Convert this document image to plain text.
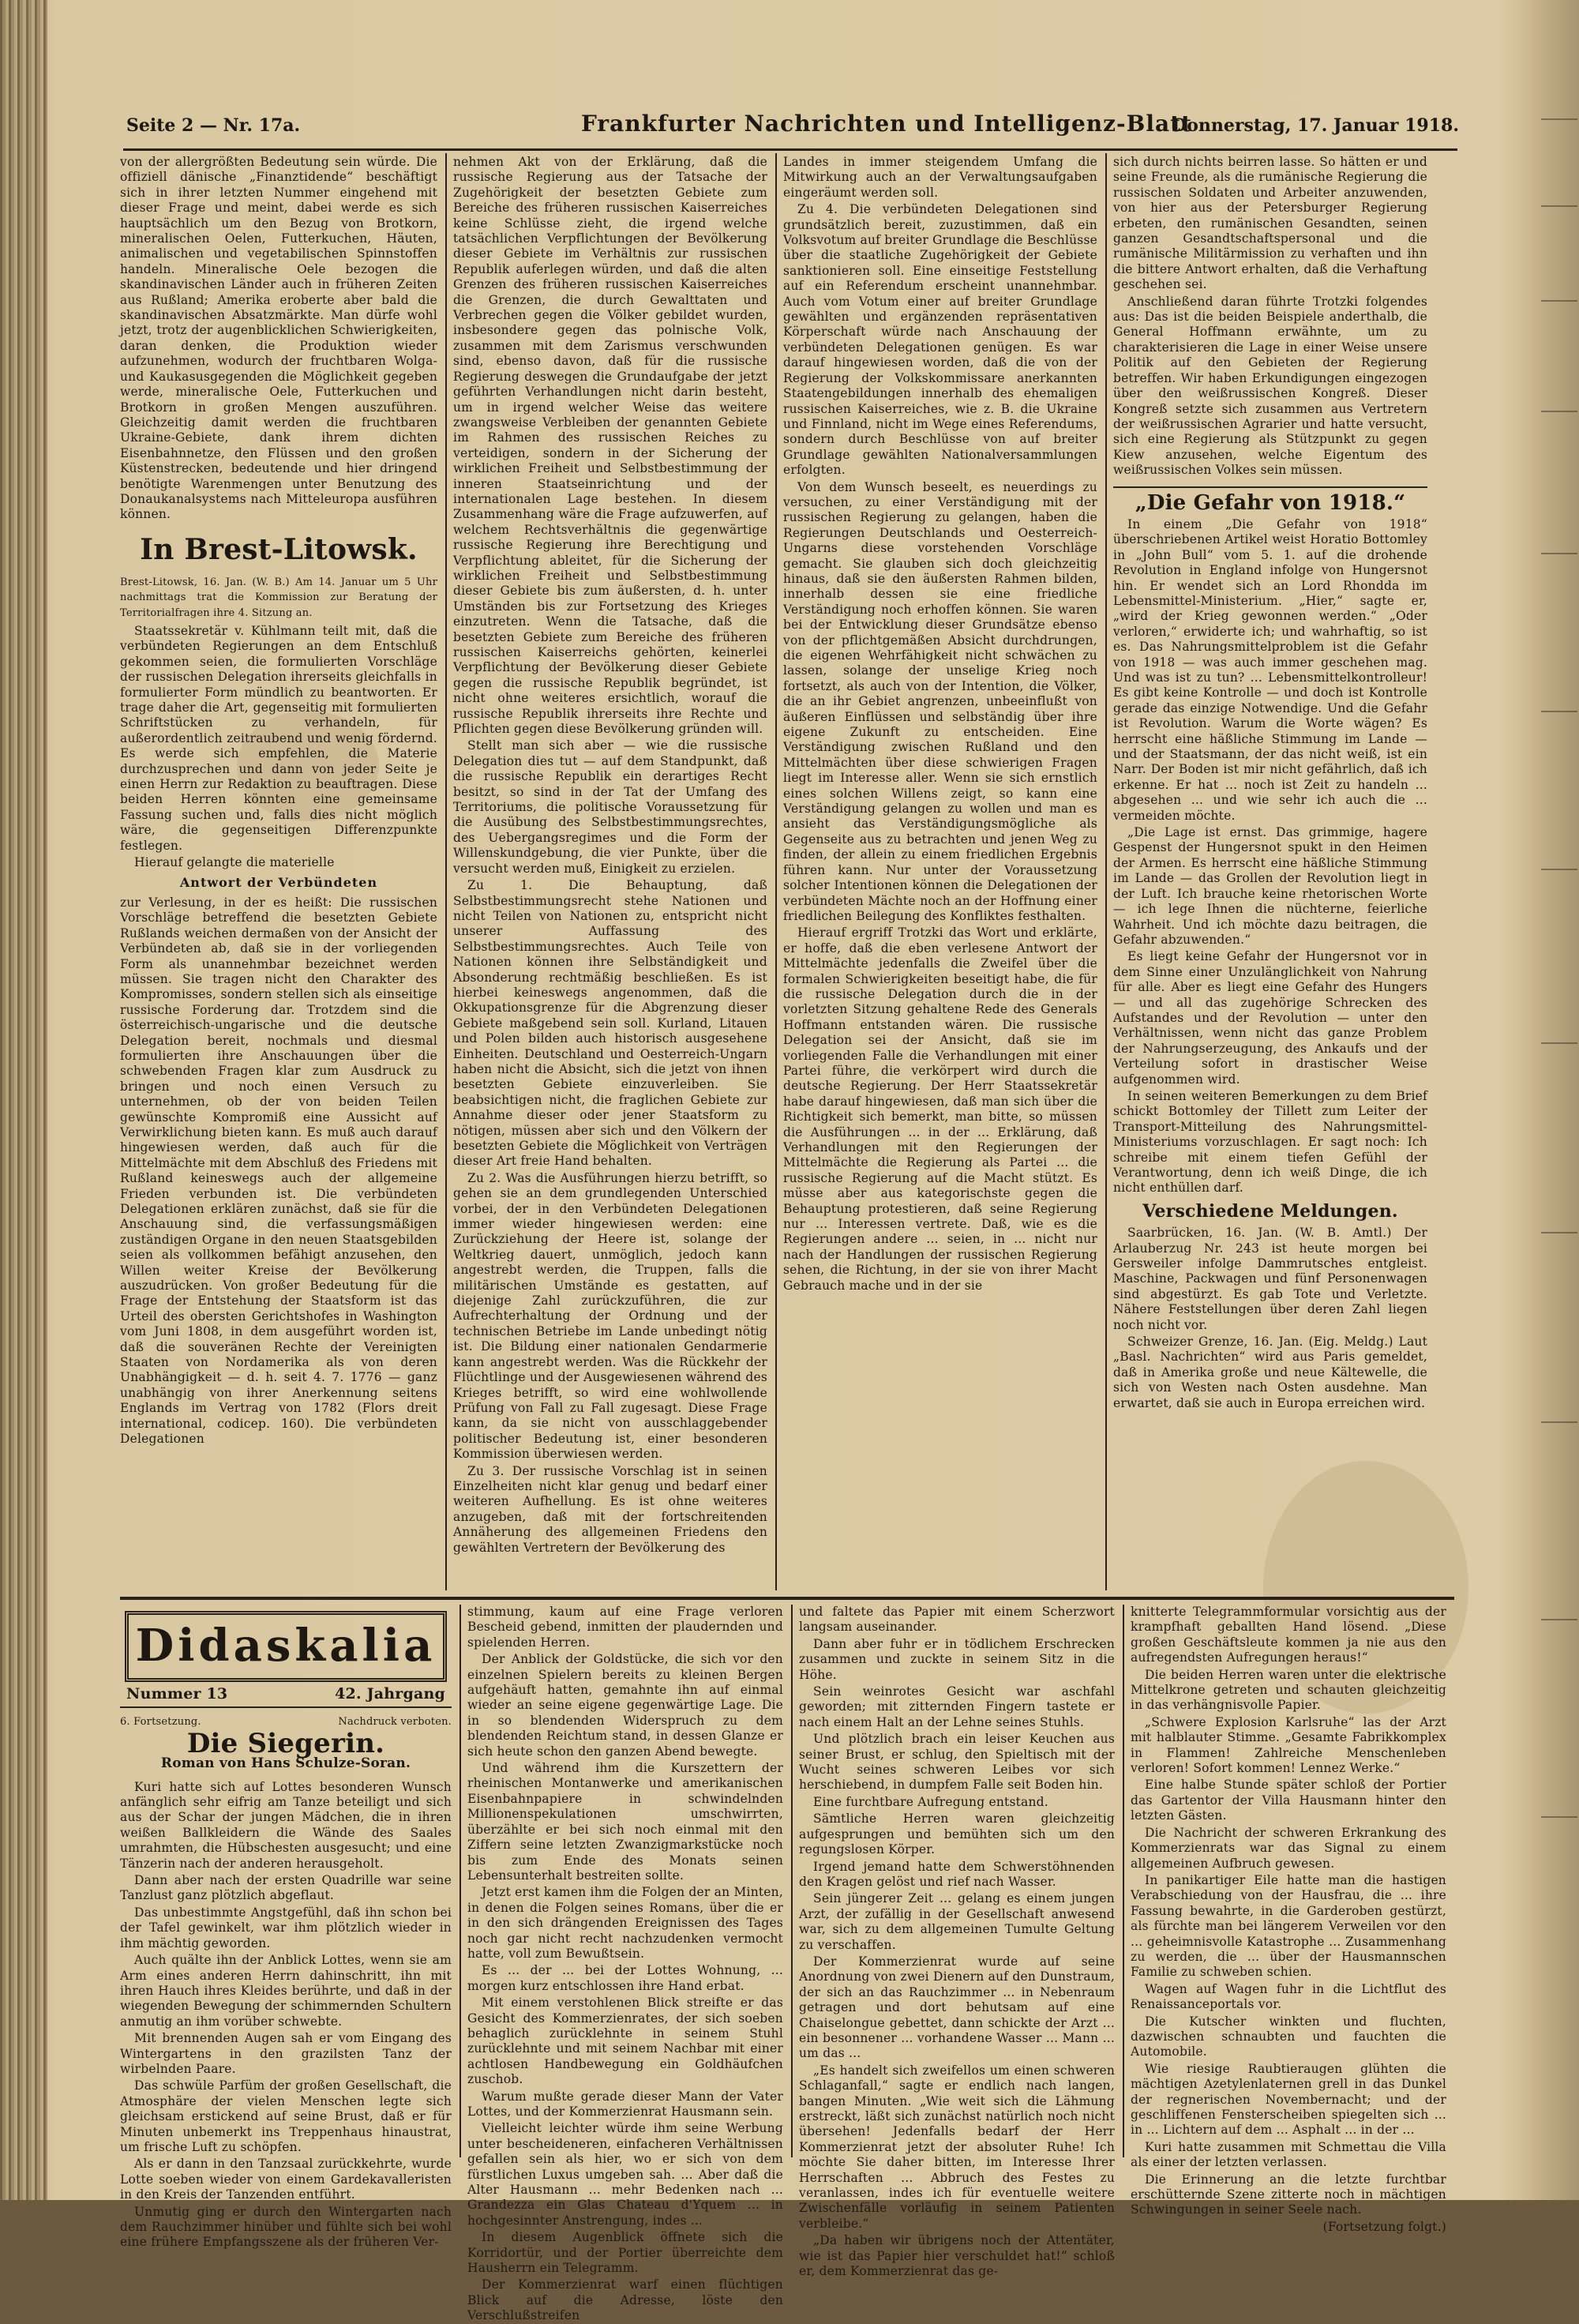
Seite 2 — Nr. 17a.	Frankfurter Nachrichten und Intelligenz-Blatt
Donnerstag, 17. Januar 1918.

von der allergrößten Bedeutung sein würde. Die offiziell dänische „Finanztidende“ beschäftigt sich in ihrer letzten Nummer eingehend mit dieser Frage und meint, dabei werde es sich hauptsächlich um den Bezug von Brotkorn, mineralischen Oelen, Futterkuchen, Häuten, animalischen und vegetabilischen Spinnstoffen handeln. Mineralische Oele bezogen die skandinavischen Länder auch in früheren Zeiten aus Rußland; Amerika eroberte aber bald die skandinavischen Absatzmärkte. Man dürfe wohl jetzt, trotz der augenblicklichen Schwierigkeiten, daran denken, die Produktion wieder aufzunehmen, wodurch der fruchtbaren Wolga- und Kaukasusgegenden die Möglichkeit gegeben werde, mineralische Oele, Futterkuchen und Brotkorn in großen Mengen auszuführen. Gleichzeitig damit werden die fruchtbaren Ukraine-Gebiete, dank ihrem dichten Eisenbahnnetze, den Flüssen und den großen Küstenstrecken, bedeutende und hier dringend benötigte Warenmengen unter Benutzung des Donaukanalsystems nach Mitteleuropa ausführen können.

In Brest-Litowsk.

Brest-Litowsk, 16. Jan. (W. B.) Am 14. Januar um 5 Uhr nachmittags trat die Kommission zur Beratung der Territorialfragen ihre 4. Sitzung an.

Staatssekretär v. Kühlmann teilt mit, daß die verbündeten Regierungen an dem Entschluß gekommen seien, die formulierten Vorschläge der russischen Delegation ihrerseits gleichfalls in formulierter Form mündlich zu beantworten. Er trage daher die Art, gegenseitig mit formulierten Schriftstücken zu verhandeln, für außerordentlich zeitraubend und wenig fördernd. Es werde sich empfehlen, die Materie durchzusprechen und dann von jeder Seite je einen Herrn zur Redaktion zu beauftragen. Diese beiden Herren könnten eine gemeinsame Fassung suchen und, falls dies nicht möglich wäre, die gegenseitigen Differenzpunkte festlegen.

Hierauf gelangte die materielle

Antwort der Verbündeten

zur Verlesung, in der es heißt: Die russischen Vorschläge betreffend die besetzten Gebiete Rußlands weichen dermaßen von der Ansicht der Verbündeten ab, daß sie in der vorliegenden Form als unannehmbar bezeichnet werden müssen. Sie tragen nicht den Charakter des Kompromisses, sondern stellen sich als einseitige russische Forderung dar. Trotzdem sind die österreichisch-ungarische und die deutsche Delegation bereit, nochmals und diesmal formulierten ihre Anschauungen über die schwebenden Fragen klar zum Ausdruck zu bringen und noch einen Versuch zu unternehmen, ob der von beiden Teilen gewünschte Kompromiß eine Aussicht auf Verwirklichung bieten kann. Es muß auch darauf hingewiesen werden, daß auch für die Mittelmächte mit dem Abschluß des Friedens mit Rußland keineswegs auch der allgemeine Frieden verbunden ist. Die verbündeten Delegationen erklären zunächst, daß sie für die Anschauung sind, die verfassungsmäßigen zuständigen Organe in den neuen Staatsgebilden seien als vollkommen befähigt anzusehen, den Willen weiter Kreise der Bevölkerung auszudrücken. Von großer Bedeutung für die Frage der Entstehung der Staatsform ist das Urteil des obersten Gerichtshofes in Washington vom Juni 1808, in dem ausgeführt worden ist, daß die souveränen Rechte der Vereinigten Staaten von Nordamerika als von deren Unabhängigkeit — d. h. seit 4. 7. 1776 — ganz unabhängig von ihrer Anerkennung seitens Englands im Vertrag von 1782 (Flors dreit international, codicep. 160). Die verbündeten Delegationen

nehmen Akt von der Erklärung, daß die russische Regierung aus der Tatsache der Zugehörigkeit der besetzten Gebiete zum Bereiche des früheren russischen Kaiserreiches keine Schlüsse zieht, die irgend welche tatsächlichen Verpflichtungen der Bevölkerung dieser Gebiete im Verhältnis zur russischen Republik auferlegen würden, und daß die alten Grenzen des früheren russischen Kaiserreiches die Grenzen, die durch Gewalttaten und Verbrechen gegen die Völker gebildet wurden, insbesondere gegen das polnische Volk, zusammen mit dem Zarismus verschwunden sind, ebenso davon, daß für die russische Regierung deswegen die Grundaufgabe der jetzt geführten Verhandlungen nicht darin besteht, um in irgend welcher Weise das weitere zwangsweise Verbleiben der genannten Gebiete im Rahmen des russischen Reiches zu verteidigen, sondern in der Sicherung der wirklichen Freiheit und Selbstbestimmung der inneren Staatseinrichtung und der internationalen Lage bestehen. In diesem Zusammenhang wäre die Frage aufzuwerfen, auf welchem Rechtsverhältnis die gegenwärtige russische Regierung ihre Berechtigung und Verpflichtung ableitet, für die Sicherung der wirklichen Freiheit und Selbstbestimmung dieser Gebiete bis zum äußersten, d. h. unter Umständen bis zur Fortsetzung des Krieges einzutreten. Wenn die Tatsache, daß die besetzten Gebiete zum Bereiche des früheren russischen Kaiserreichs gehörten, keinerlei Verpflichtung der Bevölkerung dieser Gebiete gegen die russische Republik begründet, ist nicht ohne weiteres ersichtlich, worauf die russische Republik ihrerseits ihre Rechte und Pflichten gegen diese Bevölkerung gründen will.

Stellt man sich aber — wie die russische Delegation dies tut — auf dem Standpunkt, daß die russische Republik ein derartiges Recht besitzt, so sind in der Tat der Umfang des Territoriums, die politische Voraussetzung für die Ausübung des Selbstbestimmungsrechtes, des Uebergangsregimes und die Form der Willenskundgebung, die vier Punkte, über die versucht werden muß, Einigkeit zu erzielen.

Zu 1. Die Behauptung, daß Selbstbestimmungsrecht stehe Nationen und nicht Teilen von Nationen zu, entspricht nicht unserer Auffassung des Selbstbestimmungsrechtes. Auch Teile von Nationen können ihre Selbständigkeit und Absonderung rechtmäßig beschließen. Es ist hierbei keineswegs angenommen, daß die Okkupationsgrenze für die Abgrenzung dieser Gebiete maßgebend sein soll. Kurland, Litauen und Polen bilden auch historisch ausgesehene Einheiten. Deutschland und Oesterreich-Ungarn haben nicht die Absicht, sich die jetzt von ihnen besetzten Gebiete einzuverleiben. Sie beabsichtigen nicht, die fraglichen Gebiete zur Annahme dieser oder jener Staatsform zu nötigen, müssen aber sich und den Völkern der besetzten Gebiete die Möglichkeit von Verträgen dieser Art freie Hand behalten.

Zu 2. Was die Ausführungen hierzu betrifft, so gehen sie an dem grundlegenden Unterschied vorbei, der in den Verbündeten Delegationen immer wieder hingewiesen werden: eine Zurückziehung der Heere ist, solange der Weltkrieg dauert, unmöglich, jedoch kann angestrebt werden, die Truppen, falls die militärischen Umstände es gestatten, auf diejenige Zahl zurückzuführen, die zur Aufrechterhaltung der Ordnung und der technischen Betriebe im Lande unbedingt nötig ist. Die Bildung einer nationalen Gendarmerie kann angestrebt werden. Was die Rückkehr der Flüchtlinge und der Ausgewiesenen während des Krieges betrifft, so wird eine wohlwollende Prüfung von Fall zu Fall zugesagt. Diese Frage kann, da sie nicht von ausschlaggebender politischer Bedeutung ist, einer besonderen Kommission überwiesen werden.

Zu 3. Der russische Vorschlag ist in seinen Einzelheiten nicht klar genug und bedarf einer weiteren Aufhellung. Es ist ohne weiteres anzugeben, daß mit der fortschreitenden Annäherung des allgemeinen Friedens den gewählten Vertretern der Bevölkerung des

Landes in immer steigendem Umfang die Mitwirkung auch an der Verwaltungsaufgaben eingeräumt werden soll.

Zu 4. Die verbündeten Delegationen sind grundsätzlich bereit, zuzustimmen, daß ein Volksvotum auf breiter Grundlage die Beschlüsse über die staatliche Zugehörigkeit der Gebiete sanktionieren soll. Eine einseitige Feststellung auf ein Referendum erscheint unannehmbar. Auch vom Votum einer auf breiter Grundlage gewählten und ergänzenden repräsentativen Körperschaft würde nach Anschauung der verbündeten Delegationen genügen. Es war darauf hingewiesen worden, daß die von der Regierung der Volkskommissare anerkannten Staatengebildungen innerhalb des ehemaligen russischen Kaiserreiches, wie z. B. die Ukraine und Finnland, nicht im Wege eines Referendums, sondern durch Beschlüsse von auf breiter Grundlage gewählten Nationalversammlungen erfolgten.

Von dem Wunsch beseelt, es neuerdings zu versuchen, zu einer Verständigung mit der russischen Regierung zu gelangen, haben die Regierungen Deutschlands und Oesterreich-Ungarns diese vorstehenden Vorschläge gemacht. Sie glauben sich doch gleichzeitig hinaus, daß sie den äußersten Rahmen bilden, innerhalb dessen sie eine friedliche Verständigung noch erhoffen können. Sie waren bei der Entwicklung dieser Grundsätze ebenso von der pflichtgemäßen Absicht durchdrungen, die eigenen Wehrfähigkeit nicht schwächen zu lassen, solange der unselige Krieg noch fortsetzt, als auch von der Intention, die Völker, die an ihr Gebiet angrenzen, unbeeinflußt von äußeren Einflüssen und selbständig über ihre eigene Zukunft zu entscheiden. Eine Verständigung zwischen Rußland und den Mittelmächten über diese schwierigen Fragen liegt im Interesse aller. Wenn sie sich ernstlich eines solchen Willens zeigt, so kann eine Verständigung gelangen zu wollen und man es ansieht das Verständigungsmögliche als Gegenseite aus zu betrachten und jenen Weg zu finden, der allein zu einem friedlichen Ergebnis führen kann. Nur unter der Voraussetzung solcher Intentionen können die Delegationen der verbündeten Mächte noch an der Hoffnung einer friedlichen Beilegung des Konfliktes festhalten.

Hierauf ergriff Trotzki das Wort und erklärte, er hoffe, daß die eben verlesene Antwort der Mittelmächte jedenfalls die Zweifel über die formalen Schwierigkeiten beseitigt habe, die für die russische Delegation durch die in der vorletzten Sitzung gehaltene Rede des Generals Hoffmann entstanden wären. Die russische Delegation sei der Ansicht, daß sie im vorliegenden Falle die Verhandlungen mit einer Partei führe, die verkörpert wird durch die deutsche Regierung. Der Herr Staatssekretär habe darauf hingewiesen, daß man sich über die Richtigkeit sich bemerkt, man bitte, so müssen die Ausführungen ... in der ... Erklärung, daß Verhandlungen mit den Regierungen der Mittelmächte die Regierung als Partei ... die russische Regierung auf die Macht stützt. Es müsse aber aus kategorischste gegen die Behauptung protestieren, daß seine Regierung nur ... Interessen vertrete. Daß, wie es die Regierungen andere ... seien, in ... nicht nur nach der Handlungen der russischen Regierung sehen, die Richtung, in der sie von ihrer Macht Gebrauch mache und in der sie

sich durch nichts beirren lasse. So hätten er und seine Freunde, als die rumänische Regierung die russischen Soldaten und Arbeiter anzuwenden, von hier aus der Petersburger Regierung erbeten, den rumänischen Gesandten, seinen ganzen Gesandtschaftspersonal und die rumänische Militärmission zu verhaften und ihn die bittere Antwort erhalten, daß die Verhaftung geschehen sei.

Anschließend daran führte Trotzki folgendes aus: Das ist die beiden Beispiele anderthalb, die General Hoffmann erwähnte, um zu charakterisieren die Lage in einer Weise unsere Politik auf den Gebieten der Regierung betreffen. Wir haben Erkundigungen eingezogen über den weißrussischen Kongreß. Dieser Kongreß setzte sich zusammen aus Vertretern der weißrussischen Agrarier und hatte versucht, sich eine Regierung als Stützpunkt zu gegen Kiew anzusehen, welche Eigentum des weißrussischen Volkes sein müssen.

„Die Gefahr von 1918.“

In einem „Die Gefahr von 1918“ überschriebenen Artikel weist Horatio Bottomley in „John Bull“ vom 5. 1. auf die drohende Revolution in England infolge von Hungersnot hin. Er wendet sich an Lord Rhondda im Lebensmittel-Ministerium. „Hier,“ sagte er, „wird der Krieg gewonnen werden.“ „Oder verloren,“ erwiderte ich; und wahrhaftig, so ist es. Das Nahrungsmittelproblem ist die Gefahr von 1918 — was auch immer geschehen mag. Und was ist zu tun? ... Lebensmittelkontrolleur! Es gibt keine Kontrolle — und doch ist Kontrolle gerade das einzige Notwendige. Und die Gefahr ist Revolution. Warum die Worte wägen? Es herrscht eine häßliche Stimmung im Lande — und der Staatsmann, der das nicht weiß, ist ein Narr. Der Boden ist mir nicht gefährlich, daß ich erkenne. Er hat ... noch ist Zeit zu handeln ... abgesehen ... und wie sehr ich auch die ... vermeiden möchte.

„Die Lage ist ernst. Das grimmige, hagere Gespenst der Hungersnot spukt in den Heimen der Armen. Es herrscht eine häßliche Stimmung im Lande — das Grollen der Revolution liegt in der Luft. Ich brauche keine rhetorischen Worte — ich lege Ihnen die nüchterne, feierliche Wahrheit. Und ich möchte dazu beitragen, die Gefahr abzuwenden.“

Es liegt keine Gefahr der Hungersnot vor in dem Sinne einer Unzulänglichkeit von Nahrung für alle. Aber es liegt eine Gefahr des Hungers — und all das zugehörige Schrecken des Aufstandes und der Revolution — unter den Verhältnissen, wenn nicht das ganze Problem der Nahrungserzeugung, des Ankaufs und der Verteilung sofort in drastischer Weise aufgenommen wird.

In seinen weiteren Bemerkungen zu dem Brief schickt Bottomley der Tillett zum Leiter der Transport-Mitteilung des Nahrungsmittel-Ministeriums vorzuschlagen. Er sagt noch: Ich schreibe mit einem tiefen Gefühl der Verantwortung, denn ich weiß Dinge, die ich nicht enthüllen darf.

Verschiedene Meldungen.

Saarbrücken, 16. Jan. (W. B. Amtl.) Der Arlauberzug Nr. 243 ist heute morgen bei Gersweiler infolge Dammrutsches entgleist. Maschine, Packwagen und fünf Personenwagen sind abgestürzt. Es gab Tote und Verletzte. Nähere Feststellungen über deren Zahl liegen noch nicht vor.

Schweizer Grenze, 16. Jan. (Eig. Meldg.) Laut „Basl. Nachrichten“ wird aus Paris gemeldet, daß in Amerika große und neue Kältewelle, die sich von Westen nach Osten ausdehne. Man erwartet, daß sie auch in Europa erreichen wird.

Didaskalia
Nummer 13	42. Jahrgang
6. Fortsetzung.	Nachdruck verboten.
Die Siegerin.
Roman von Hans Schulze-Soran.

Kuri hatte sich auf Lottes besonderen Wunsch anfänglich sehr eifrig am Tanze beteiligt und sich aus der Schar der jungen Mädchen, die in ihren weißen Ballkleidern die Wände des Saales umrahmten, die Hübschesten ausgesucht; und eine Tänzerin nach der anderen herausgeholt.

Dann aber nach der ersten Quadrille war seine Tanzlust ganz plötzlich abgeflaut.

Das unbestimmte Angstgefühl, daß ihn schon bei der Tafel gewinkelt, war ihm plötzlich wieder in ihm mächtig geworden.

Auch quälte ihn der Anblick Lottes, wenn sie am Arm eines anderen Herrn dahinschritt, ihn mit ihren Hauch ihres Kleides berührte, und daß in der wiegenden Bewegung der schimmernden Schultern anmutig an ihm vorüber schwebte.

Mit brennenden Augen sah er vom Eingang des Wintergartens in den grazilsten Tanz der wirbelnden Paare.

Das schwüle Parfüm der großen Gesellschaft, die Atmosphäre der vielen Menschen legte sich gleichsam erstickend auf seine Brust, daß er für Minuten unbemerkt ins Treppenhaus hinaustrat, um frische Luft zu schöpfen.

Als er dann in den Tanzsaal zurückkehrte, wurde Lotte soeben wieder von einem Gardekavalleristen in den Kreis der Tanzenden entführt.

Unmutig ging er durch den Wintergarten nach dem Rauchzimmer hinüber und fühlte sich bei wohl eine frühere Empfangsszene als der früheren Ver-

stimmung, kaum auf eine Frage verloren Bescheid gebend, inmitten der plaudernden und spielenden Herren.

Der Anblick der Goldstücke, die sich vor den einzelnen Spielern bereits zu kleinen Bergen aufgehäuft hatten, gemahnte ihn auf einmal wieder an seine eigene gegenwärtige Lage. Die in so blendenden Widerspruch zu dem blendenden Reichtum stand, in dessen Glanze er sich heute schon den ganzen Abend bewegte.

Und während ihm die Kurszettern der rheinischen Montanwerke und amerikanischen Eisenbahnpapiere in schwindelnden Millionenspekulationen umschwirrten, überzählte er bei sich noch einmal mit den Ziffern seine letzten Zwanzigmarkstücke noch bis zum Ende des Monats seinen Lebensunterhalt bestreiten sollte.

Jetzt erst kamen ihm die Folgen der an Minten, in denen die Folgen seines Romans, über die er in den sich drängenden Ereignissen des Tages noch gar nicht recht nachzudenken vermocht hatte, voll zum Bewußtsein.

Es ... der ... bei der Lottes Wohnung, ... morgen kurz entschlossen ihre Hand erbat.

Mit einem verstohlenen Blick streifte er das Gesicht des Kommerzienrates, der sich soeben behaglich zurücklehnte in seinem Stuhl zurücklehnte und mit seinem Nachbar mit einer achtlosen Handbewegung ein Goldhäufchen zuschob.

Warum mußte gerade dieser Mann der Vater Lottes, und der Kommerzienrat Hausmann sein.

Vielleicht leichter würde ihm seine Werbung unter bescheideneren, einfacheren Verhältnissen gefallen sein als hier, wo er sich von dem fürstlichen Luxus umgeben sah. ... Aber daß die Alter Hausmann ... mehr Bedenken nach ... Grandezza ein Glas Chateau d'Yquem ... in hochgesinnter Anstrengung, indes ...

In diesem Augenblick öffnete sich die Korridortür, und der Portier überreichte dem Hausherrn ein Telegramm.

Der Kommerzienrat warf einen flüchtigen Blick auf die Adresse, löste den Verschlußstreifen

und faltete das Papier mit einem Scherzwort langsam auseinander.

Dann aber fuhr er in tödlichem Erschrecken zusammen und zuckte in seinem Sitz in die Höhe.

Sein weinrotes Gesicht war aschfahl geworden; mit zitternden Fingern tastete er nach einem Halt an der Lehne seines Stuhls.

Und plötzlich brach ein leiser Keuchen aus seiner Brust, er schlug, den Spieltisch mit der Wucht seines schweren Leibes vor sich herschiebend, in dumpfem Falle seit Boden hin.

Eine furchtbare Aufregung entstand.

Sämtliche Herren waren gleichzeitig aufgesprungen und bemühten sich um den regungslosen Körper.

Irgend jemand hatte dem Schwerstöhnenden den Kragen gelöst und rief nach Wasser.

Sein jüngerer Zeit ... gelang es einem jungen Arzt, der zufällig in der Gesellschaft anwesend war, sich zu dem allgemeinen Tumulte Geltung zu verschaffen.

Der Kommerzienrat wurde auf seine Anordnung von zwei Dienern auf den Dunstraum, der sich an das Rauchzimmer ... in Nebenraum getragen und dort behutsam auf eine Chaiselongue gebettet, dann schickte der Arzt ... ein besonnener ... vorhandene Wasser ... Mann ... um das ...

„Es handelt sich zweifellos um einen schweren Schlaganfall,“ sagte er endlich nach langen, bangen Minuten. „Wie weit sich die Lähmung erstreckt, läßt sich zunächst natürlich noch nicht übersehen! Jedenfalls bedarf der Herr Kommerzienrat jetzt der absoluter Ruhe! Ich möchte Sie daher bitten, im Interesse Ihrer Herrschaften ... Abbruch des Festes zu veranlassen, indes ich für eventuelle weitere Zwischenfälle vorläufig in seinem Patienten verbleibe.“

„Da haben wir übrigens noch der Attentäter, wie ist das Papier hier verschuldet hat!“ schloß er, dem Kommerzienrat das ge-

knitterte Telegrammformular vorsichtig aus der krampfhaft geballten Hand lösend. „Diese großen Geschäftsleute kommen ja nie aus den aufregendsten Aufregungen heraus!“

Die beiden Herren waren unter die elektrische Mittelkrone getreten und schauten gleichzeitig in das verhängnisvolle Papier.

„Schwere Explosion Karlsruhe“ las der Arzt mit halblauter Stimme. „Gesamte Fabrikkomplex in Flammen! Zahlreiche Menschenleben verloren! Sofort kommen! Lennez Werke.“

Eine halbe Stunde später schloß der Portier das Gartentor der Villa Hausmann hinter den letzten Gästen.

Die Nachricht der schweren Erkrankung des Kommerzienrats war das Signal zu einem allgemeinen Aufbruch gewesen.

In panikartiger Eile hatte man die hastigen Verabschiedung von der Hausfrau, die ... ihre Fassung bewahrte, in die Garderoben gestürzt, als fürchte man bei längerem Verweilen vor den ... geheimnisvolle Katastrophe ... Zusammenhang zu werden, die ... über der Hausmannschen Familie zu schweben schien.

Wagen auf Wagen fuhr in die Lichtflut des Renaissanceportals vor.

Die Kutscher winkten und fluchten, dazwischen schnaubten und fauchten die Automobile.

Wie riesige Raubtieraugen glühten die mächtigen Azetylenlaternen grell in das Dunkel der regnerischen Novembernacht; und der geschliffenen Fensterscheiben spiegelten sich ... in ... Lichtern auf dem ... Asphalt ... in der ...

Kuri hatte zusammen mit Schmettau die Villa als einer der letzten verlassen.

Die Erinnerung an die letzte furchtbar erschütternde Szene zitterte noch in mächtigen Schwingungen in seiner Seele nach.

(Fortsetzung folgt.)
